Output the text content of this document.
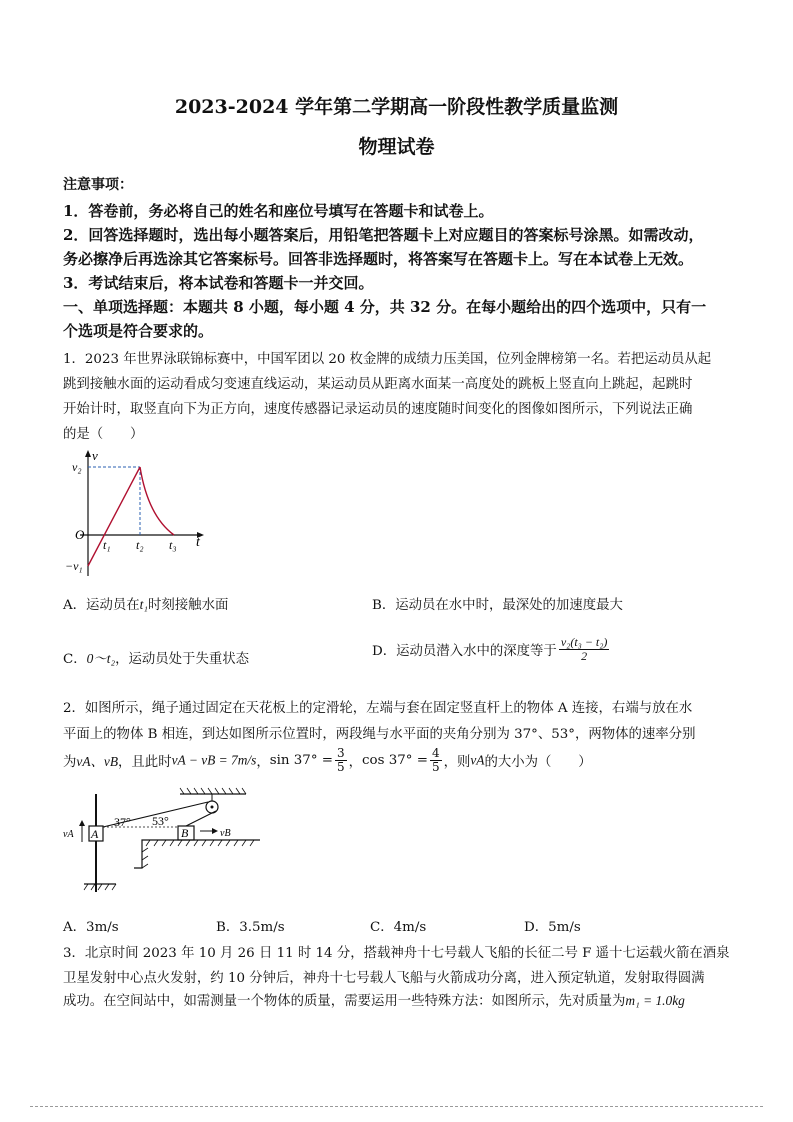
2023-2024 学年第二学期高一阶段性教学质量监测
物理试卷
注意事项：
1．答卷前，务必将自己的姓名和座位号填写在答题卡和试卷上。
2．回答选择题时，选出每小题答案后，用铅笔把答题卡上对应题目的答案标号涂黑。如需改动，
务必擦净后再选涂其它答案标号。回答非选择题时，将答案写在答题卡上。写在本试卷上无效。
3．考试结束后，将本试卷和答题卡一并交回。
一、单项选择题：本题共 8 小题，每小题 4 分，共 32 分。在每小题给出的四个选项中，只有一
个选项是符合要求的。
1．2023 年世界泳联锦标赛中，中国军团以 20 枚金牌的成绩力压美国，位列金牌榜第一名。若把运动员从起
跳到接触水面的运动看成匀变速直线运动，某运动员从距离水面某一高度处的跳板上竖直向上跳起，起跳时
开始计时，取竖直向下为正方向，速度传感器记录运动员的速度随时间变化的图像如图所示，下列说法正确
的是（　　）
v
v₂
O
−v₁
t₁ t₂ t₃ t
A．运动员在t₁时刻接触水面	B．运动员在水中时，最深处的加速度最大
C．0～t₂，运动员处于失重状态
D．运动员潜入水中的深度等于 $\frac{\text{v₂(t₃ − t₂)}}{2}$
2．如图所示，绳子通过固定在天花板上的定滑轮，左端与套在固定竖直杆上的物体 A 连接，右端与放在水
平面上的物体 B 相连，到达如图所示位置时，两段绳与水平面的夹角分别为 37°、53°，两物体的速率分别
为vA、vB，且此时vA − vB = 7m/s，$\sin 37^\circ = \frac{3}{5}$ ，$\cos 37^\circ = \frac{4}{5}$ ，则vA的大小为（　　）
A
vA
37° 53°
B	vB
A．3m/s	B．3.5m/s	C．4m/s	D．5m/s
3．北京时间 2023 年 10 月 26 日 11 时 14 分，搭载神舟十七号载人飞船的长征二号 F 遥十七运载火箭在酒泉
卫星发射中心点火发射，约 10 分钟后，神舟十七号载人飞船与火箭成功分离，进入预定轨道，发射取得圆满
成功。在空间站中，如需测量一个物体的质量，需要运用一些特殊方法：如图所示，先对质量为m₁ = 1.0kg
